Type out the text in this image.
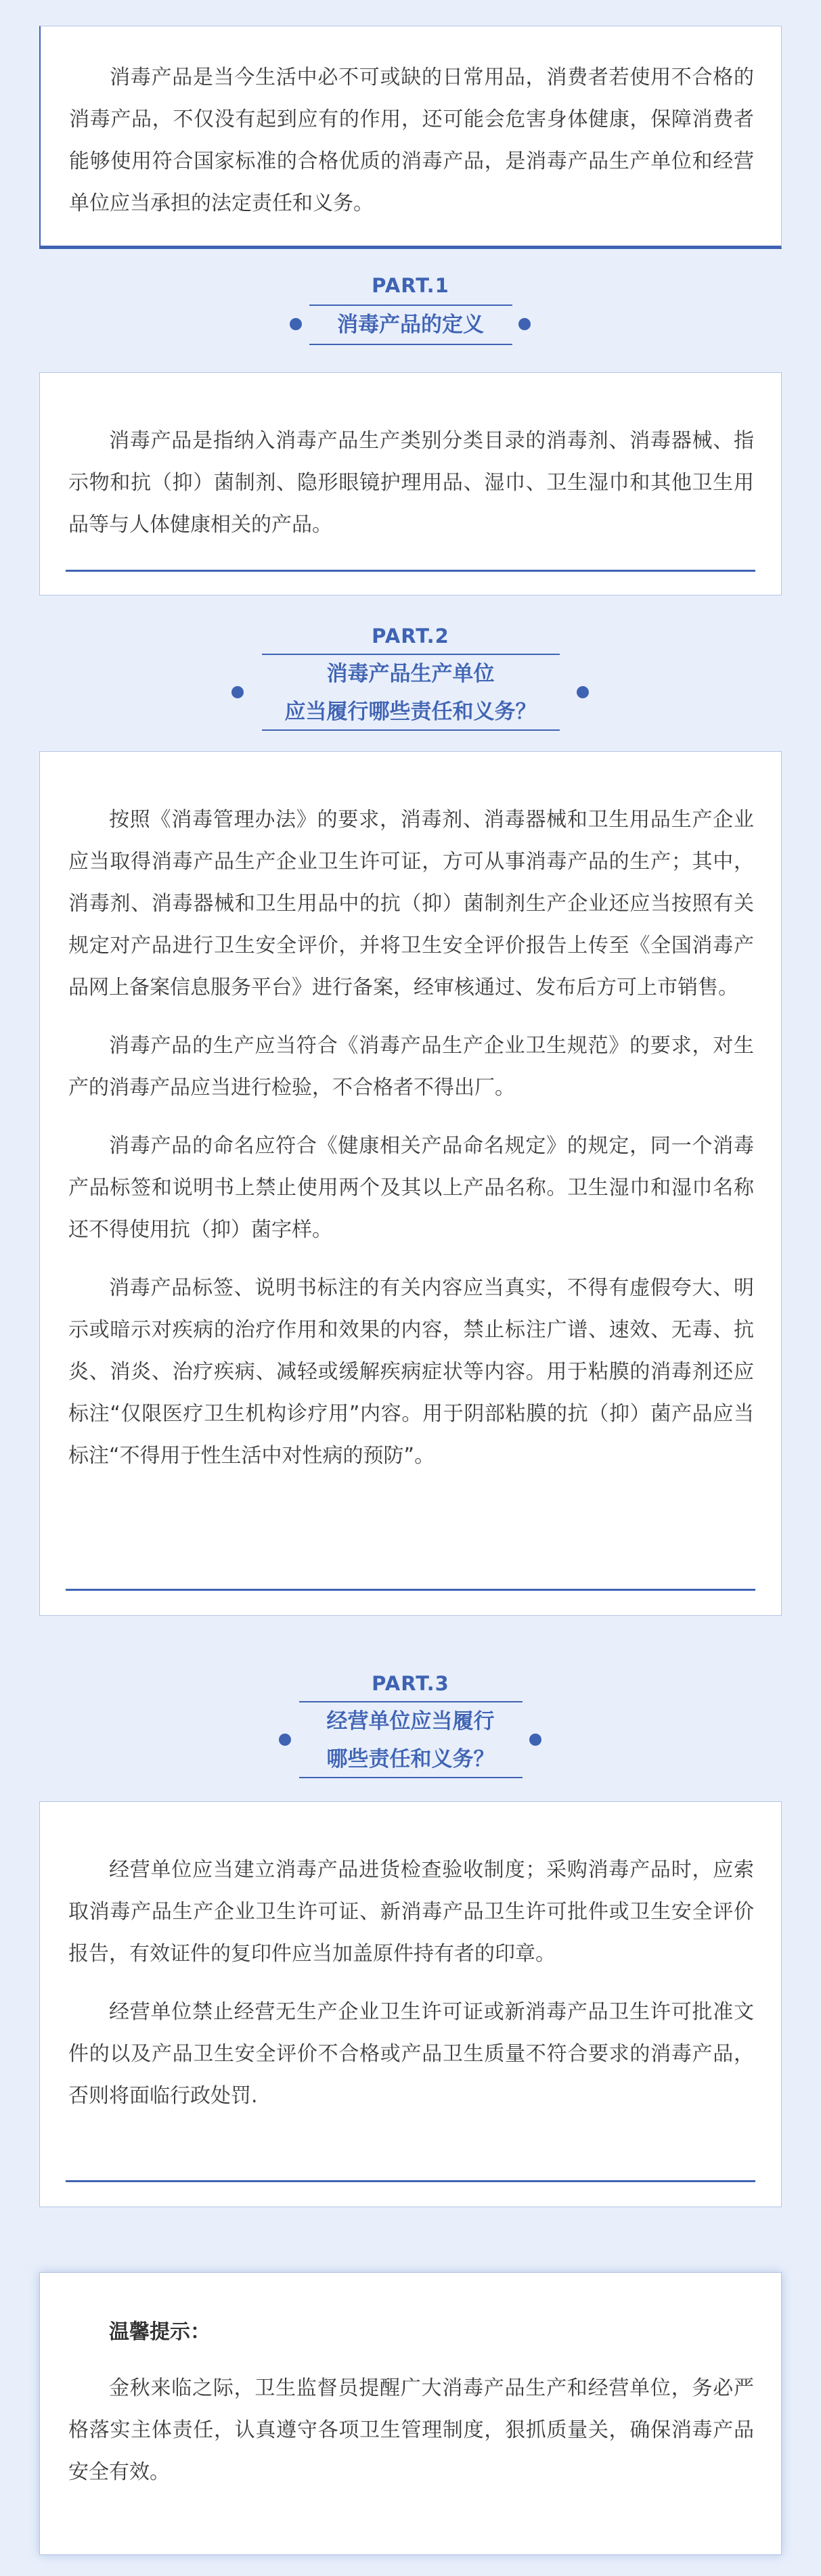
消毒产品是当今生活中必不可或缺的日常用品，消费者若使用不合格的消毒产品，不仅没有起到应有的作用，还可能会危害身体健康，保障消费者能够使用符合国家标准的合格优质的消毒产品，是消毒产品生产单位和经营单位应当承担的法定责任和义务。

PART.1
消毒产品的定义

消毒产品是指纳入消毒产品生产类别分类目录的消毒剂、消毒器械、指示物和抗（抑）菌制剂、隐形眼镜护理用品、湿巾、卫生湿巾和其他卫生用品等与人体健康相关的产品。

PART.2
消毒产品生产单位
应当履行哪些责任和义务？

按照《消毒管理办法》的要求，消毒剂、消毒器械和卫生用品生产企业应当取得消毒产品生产企业卫生许可证，方可从事消毒产品的生产；其中，消毒剂、消毒器械和卫生用品中的抗（抑）菌制剂生产企业还应当按照有关规定对产品进行卫生安全评价，并将卫生安全评价报告上传至《全国消毒产品网上备案信息服务平台》进行备案，经审核通过、发布后方可上市销售。

消毒产品的生产应当符合《消毒产品生产企业卫生规范》的要求，对生产的消毒产品应当进行检验，不合格者不得出厂。

消毒产品的命名应符合《健康相关产品命名规定》的规定，同一个消毒产品标签和说明书上禁止使用两个及其以上产品名称。卫生湿巾和湿巾名称还不得使用抗（抑）菌字样。

消毒产品标签、说明书标注的有关内容应当真实，不得有虚假夸大、明示或暗示对疾病的治疗作用和效果的内容，禁止标注广谱、速效、无毒、抗炎、消炎、治疗疾病、减轻或缓解疾病症状等内容。用于粘膜的消毒剂还应标注“仅限医疗卫生机构诊疗用”内容。用于阴部粘膜的抗（抑）菌产品应当标注“不得用于性生活中对性病的预防”。

PART.3
经营单位应当履行
哪些责任和义务？

经营单位应当建立消毒产品进货检查验收制度；采购消毒产品时，应索取消毒产品生产企业卫生许可证、新消毒产品卫生许可批件或卫生安全评价报告，有效证件的复印件应当加盖原件持有者的印章。

经营单位禁止经营无生产企业卫生许可证或新消毒产品卫生许可批准文件的以及产品卫生安全评价不合格或产品卫生质量不符合要求的消毒产品，否则将面临行政处罚.

温馨提示：

金秋来临之际，卫生监督员提醒广大消毒产品生产和经营单位，务必严格落实主体责任，认真遵守各项卫生管理制度，狠抓质量关，确保消毒产品安全有效。
